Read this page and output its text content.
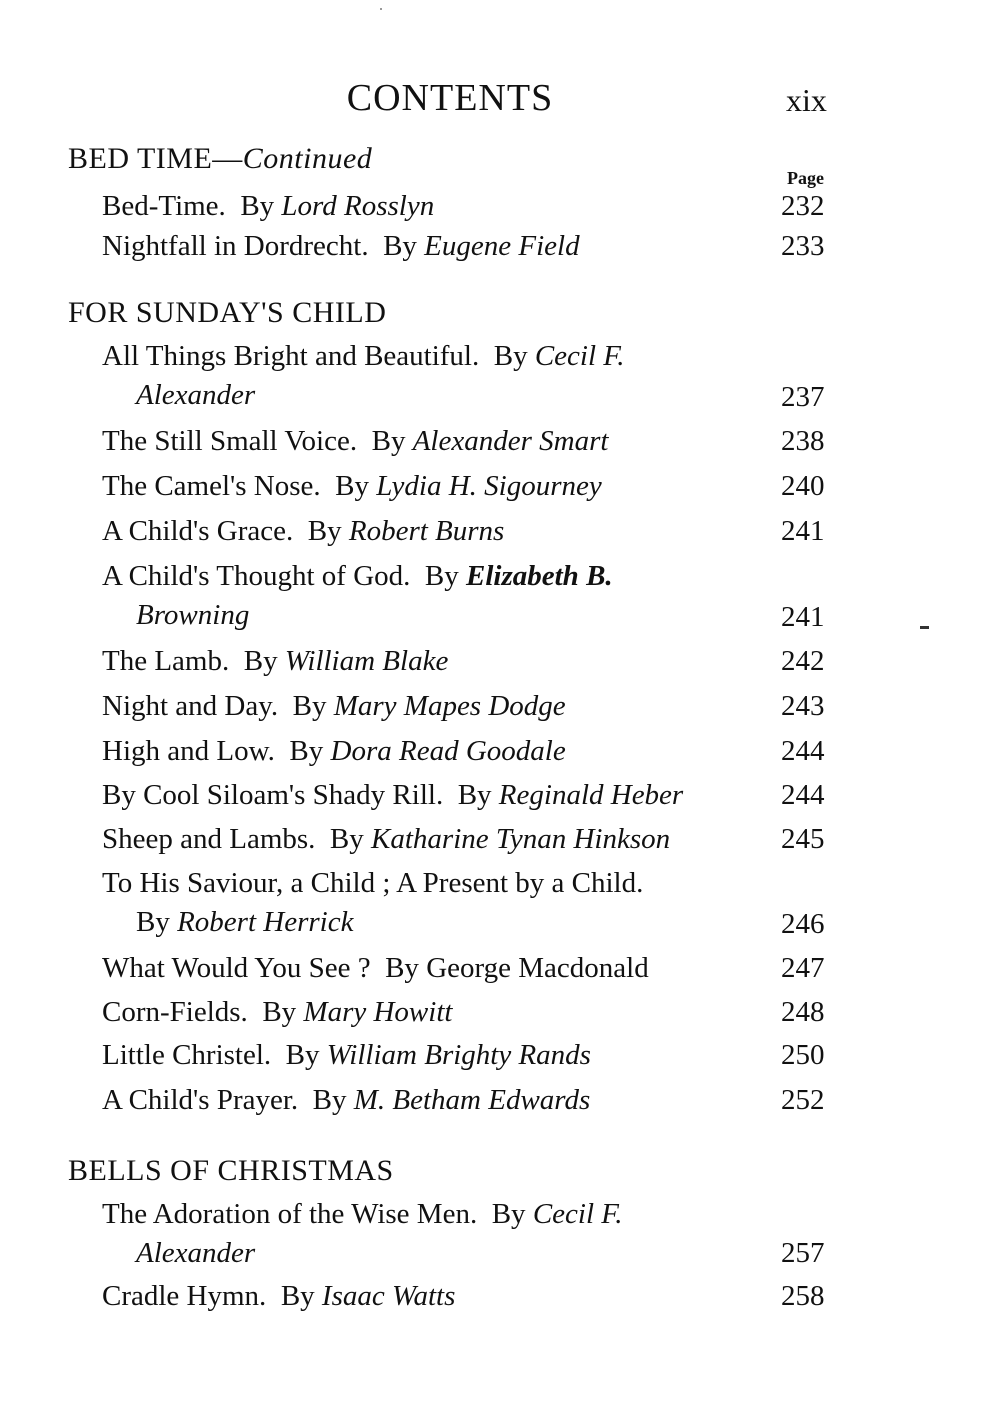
CONTENTS	xix
BED TIME—Continued
Page
Bed-Time. By Lord Rosslyn	232
Nightfall in Dordrecht. By Eugene Field	233
FOR SUNDAY'S CHILD
All Things Bright and Beautiful. By Cecil F.
Alexander	237
The Still Small Voice. By Alexander Smart	238
The Camel's Nose. By Lydia H. Sigourney	240
A Child's Grace. By Robert Burns	241
A Child's Thought of God. By Elizabeth B.
Browning	241
The Lamb. By William Blake	242
Night and Day. By Mary Mapes Dodge	243
High and Low. By Dora Read Goodale	244
By Cool Siloam's Shady Rill. By Reginald Heber	244
Sheep and Lambs. By Katharine Tynan Hinkson	245
To His Saviour, a Child ; A Present by a Child.
By Robert Herrick	246
What Would You See ? By George Macdonald	247
Corn-Fields. By Mary Howitt	248
Little Christel. By William Brighty Rands	250
A Child's Prayer. By M. Betham Edwards	252
BELLS OF CHRISTMAS
The Adoration of the Wise Men. By Cecil F.
Alexander	257
Cradle Hymn. By Isaac Watts	258
